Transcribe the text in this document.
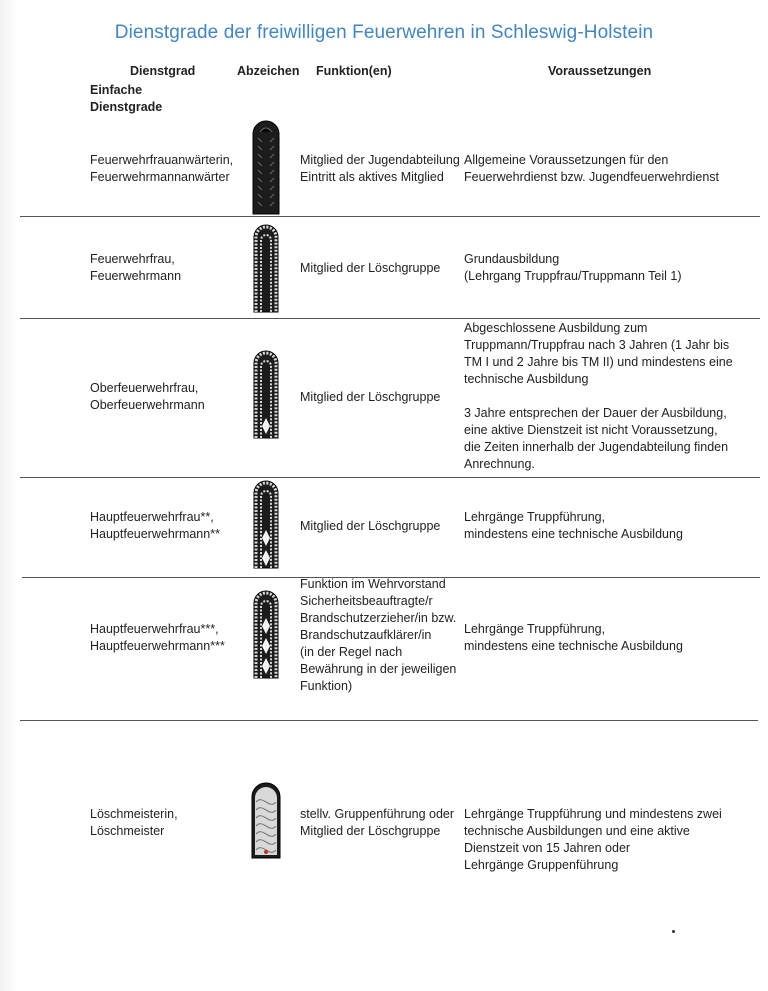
Dienstgrade der freiwilligen Feuerwehren in Schleswig-Holstein
Dienstgrad	Abzeichen Funktion(en)	Voraussetzungen
Einfache
Dienstgrade
Feuerwehrfrauanwärterin,
Feuerwehrmannanwärter
Mitglied der Jugendabteilung
Eintritt als aktives Mitglied
Allgemeine Voraussetzungen für den
Feuerwehrdienst bzw. Jugendfeuerwehrdienst
Feuerwehrfrau,
Feuerwehrmann
Mitglied der Löschgruppe
Grundausbildung
(Lehrgang Truppfrau/Truppmann Teil 1)
Oberfeuerwehrfrau,
Oberfeuerwehrmann
Mitglied der Löschgruppe
Abgeschlossene Ausbildung zum
Truppmann/Truppfrau nach 3 Jahren (1 Jahr bis
TM I und 2 Jahre bis TM II) und mindestens eine
technische Ausbildung

3 Jahre entsprechen der Dauer der Ausbildung,
eine aktive Dienstzeit ist nicht Voraussetzung,
die Zeiten innerhalb der Jugendabteilung finden
Anrechnung.
Hauptfeuerwehrfrau**,
Hauptfeuerwehrmann**
Mitglied der Löschgruppe
Lehrgänge Truppführung,
mindestens eine technische Ausbildung
Hauptfeuerwehrfrau***,
Hauptfeuerwehrmann***
Funktion im Wehrvorstand
Sicherheitsbeauftragte/r
Brandschutzerzieher/in bzw.
Brandschutzaufklärer/in
(in der Regel nach
Bewährung in der jeweiligen
Funktion)
Lehrgänge Truppführung,
mindestens eine technische Ausbildung
Löschmeisterin,
Löschmeister
stellv. Gruppenführung oder
Mitglied der Löschgruppe
Lehrgänge Truppführung und mindestens zwei
technische Ausbildungen und eine aktive
Dienstzeit von 15 Jahren oder
Lehrgänge Gruppenführung
